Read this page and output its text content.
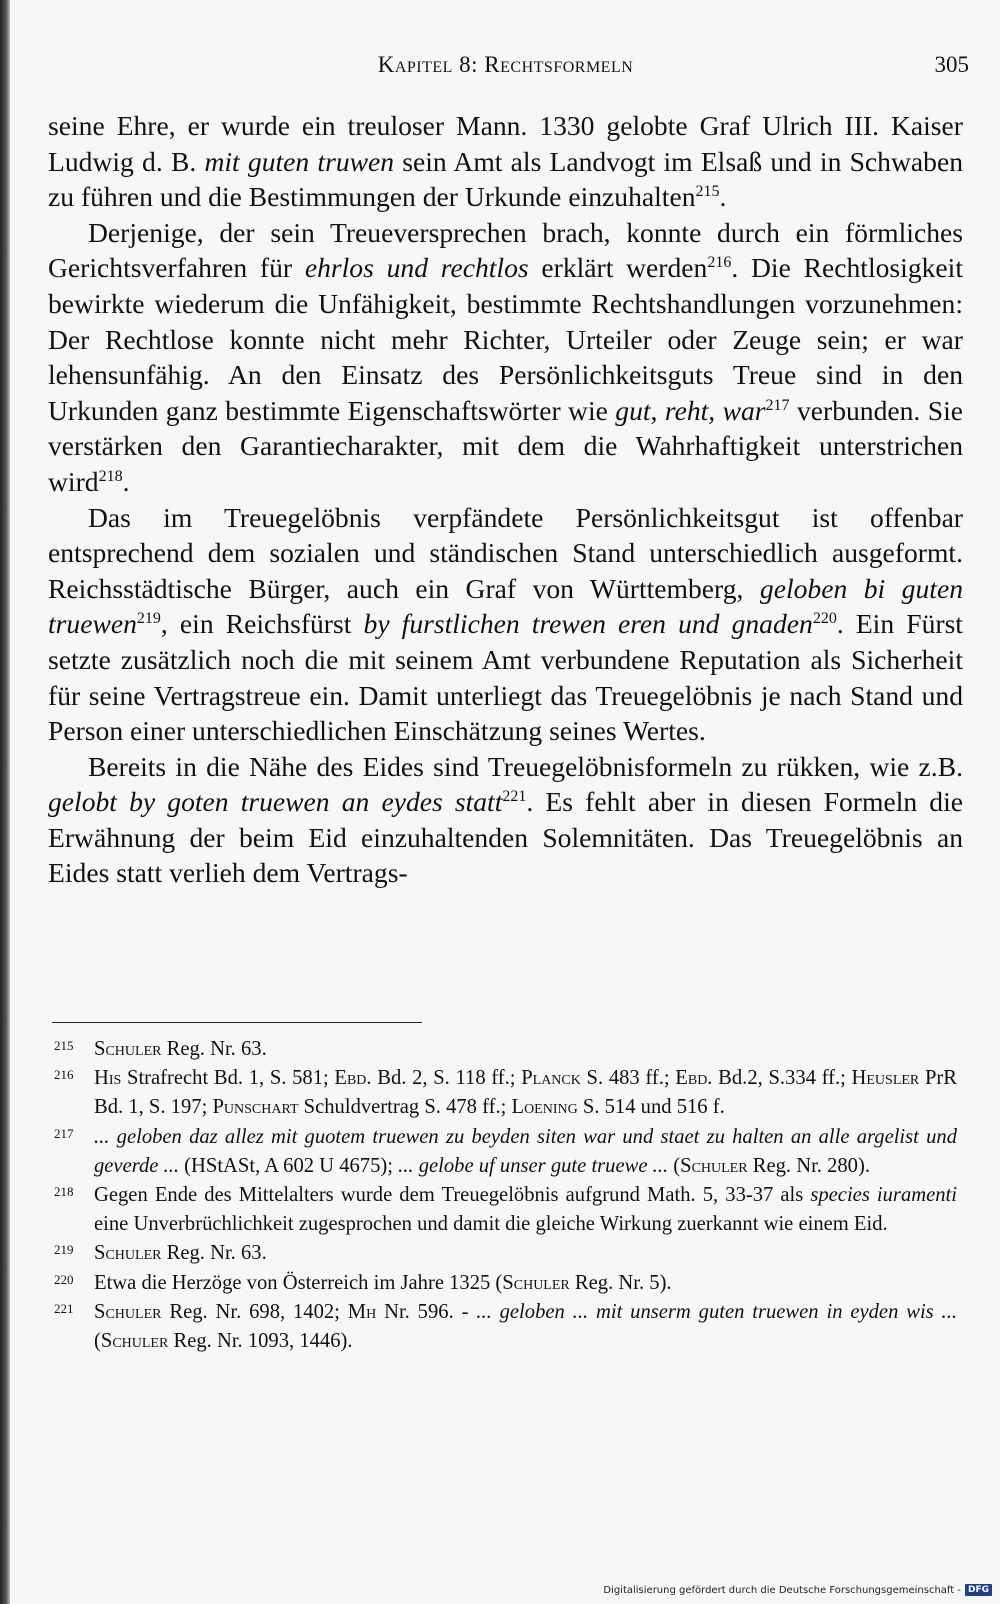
Kapitel 8: Rechtsformeln	305

seine Ehre, er wurde ein treuloser Mann. 1330 gelobte Graf Ulrich III. Kaiser Ludwig d. B. mit guten truwen sein Amt als Landvogt im Elsaß und in Schwaben zu führen und die Bestimmungen der Urkunde einzuhalten$^{215}$.

Derjenige, der sein Treueversprechen brach, konnte durch ein förmliches Gerichtsverfahren für ehrlos und rechtlos erklärt werden$^{216}$. Die Rechtlosigkeit bewirkte wiederum die Unfähigkeit, bestimmte Rechtshandlungen vorzunehmen: Der Rechtlose konnte nicht mehr Richter, Urteiler oder Zeuge sein; er war lehensunfähig. An den Einsatz des Persönlichkeitsguts Treue sind in den Urkunden ganz bestimmte Eigenschaftswörter wie gut, reht, war$^{217}$ verbunden. Sie verstärken den Garantiecharakter, mit dem die Wahrhaftigkeit unterstrichen wird$^{218}$.

Das im Treuegelöbnis verpfändete Persönlichkeitsgut ist offenbar entsprechend dem sozialen und ständischen Stand unterschiedlich ausgeformt. Reichsstädtische Bürger, auch ein Graf von Württemberg, geloben bi guten truewen$^{219}$, ein Reichsfürst by furstlichen trewen eren und gnaden$^{220}$. Ein Fürst setzte zusätzlich noch die mit seinem Amt verbundene Reputation als Sicherheit für seine Vertragstreue ein. Damit unterliegt das Treuegelöbnis je nach Stand und Person einer unterschiedlichen Einschätzung seines Wertes.

Bereits in die Nähe des Eides sind Treuegelöbnisformeln zu rükken, wie z.B. gelobt by goten truewen an eydes statt$^{221}$. Es fehlt aber in diesen Formeln die Erwähnung der beim Eid einzuhaltenden Solemnitäten. Das Treuegelöbnis an Eides statt verlieh dem Vertrags-

215 Schuler Reg. Nr. 63.
216 His Strafrecht Bd. 1, S. 581; Ebd. Bd. 2, S. 118 ff.; Planck S. 483 ff.; Ebd. Bd.2, S.334 ff.; Heusler PrR Bd. 1, S. 197; Punschart Schuldvertrag S. 478 ff.; Loening S. 514 und 516 f.
217 ... geloben daz allez mit guotem truewen zu beyden siten war und staet zu halten an alle argelist und geverde ... (HStASt, A 602 U 4675); ... gelobe uf unser gute truewe ... (Schuler Reg. Nr. 280).
218 Gegen Ende des Mittelalters wurde dem Treuegelöbnis aufgrund Math. 5, 33-37 als species iuramenti eine Unverbrüchlichkeit zugesprochen und damit die gleiche Wirkung zuerkannt wie einem Eid.
219 Schuler Reg. Nr. 63.
220 Etwa die Herzöge von Österreich im Jahre 1325 (Schuler Reg. Nr. 5).
221 Schuler Reg. Nr. 698, 1402; Mh Nr. 596. - ... geloben ... mit unserm guten truewen in eyden wis ... (Schuler Reg. Nr. 1093, 1446).
Digitalisierung gefördert durch die Deutsche Forschungsgemeinschaft - DFG
